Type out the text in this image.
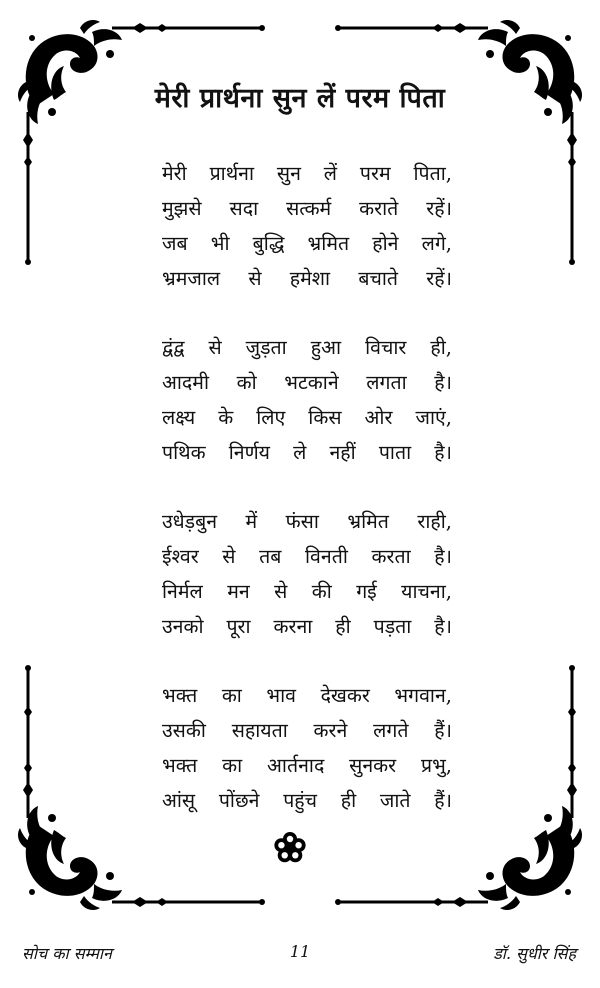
मेरी प्रार्थना सुन लें परम पिता
मेरी प्रार्थना सुन लें परम पिता,
मुझसे सदा सत्कर्म कराते रहें।
जब भी बुद्धि भ्रमित होने लगे,
भ्रमजाल से हमेशा बचाते रहें।
द्वंद्व से जुड़ता हुआ विचार ही,
आदमी को भटकाने लगता है।
लक्ष्य के लिए किस ओर जाएं,
पथिक निर्णय ले नहीं पाता है।
उधेड़बुन में फंसा भ्रमित राही,
ईश्वर से तब विनती करता है।
निर्मल मन से की गई याचना,
उनको पूरा करना ही पड़ता है।
भक्त का भाव देखकर भगवान,
उसकी सहायता करने लगते हैं।
भक्त का आर्तनाद सुनकर प्रभु,
आंसू पोंछने पहुंच ही जाते हैं।
सोच का सम्मान	11	डॉ. सुधीर सिंह
